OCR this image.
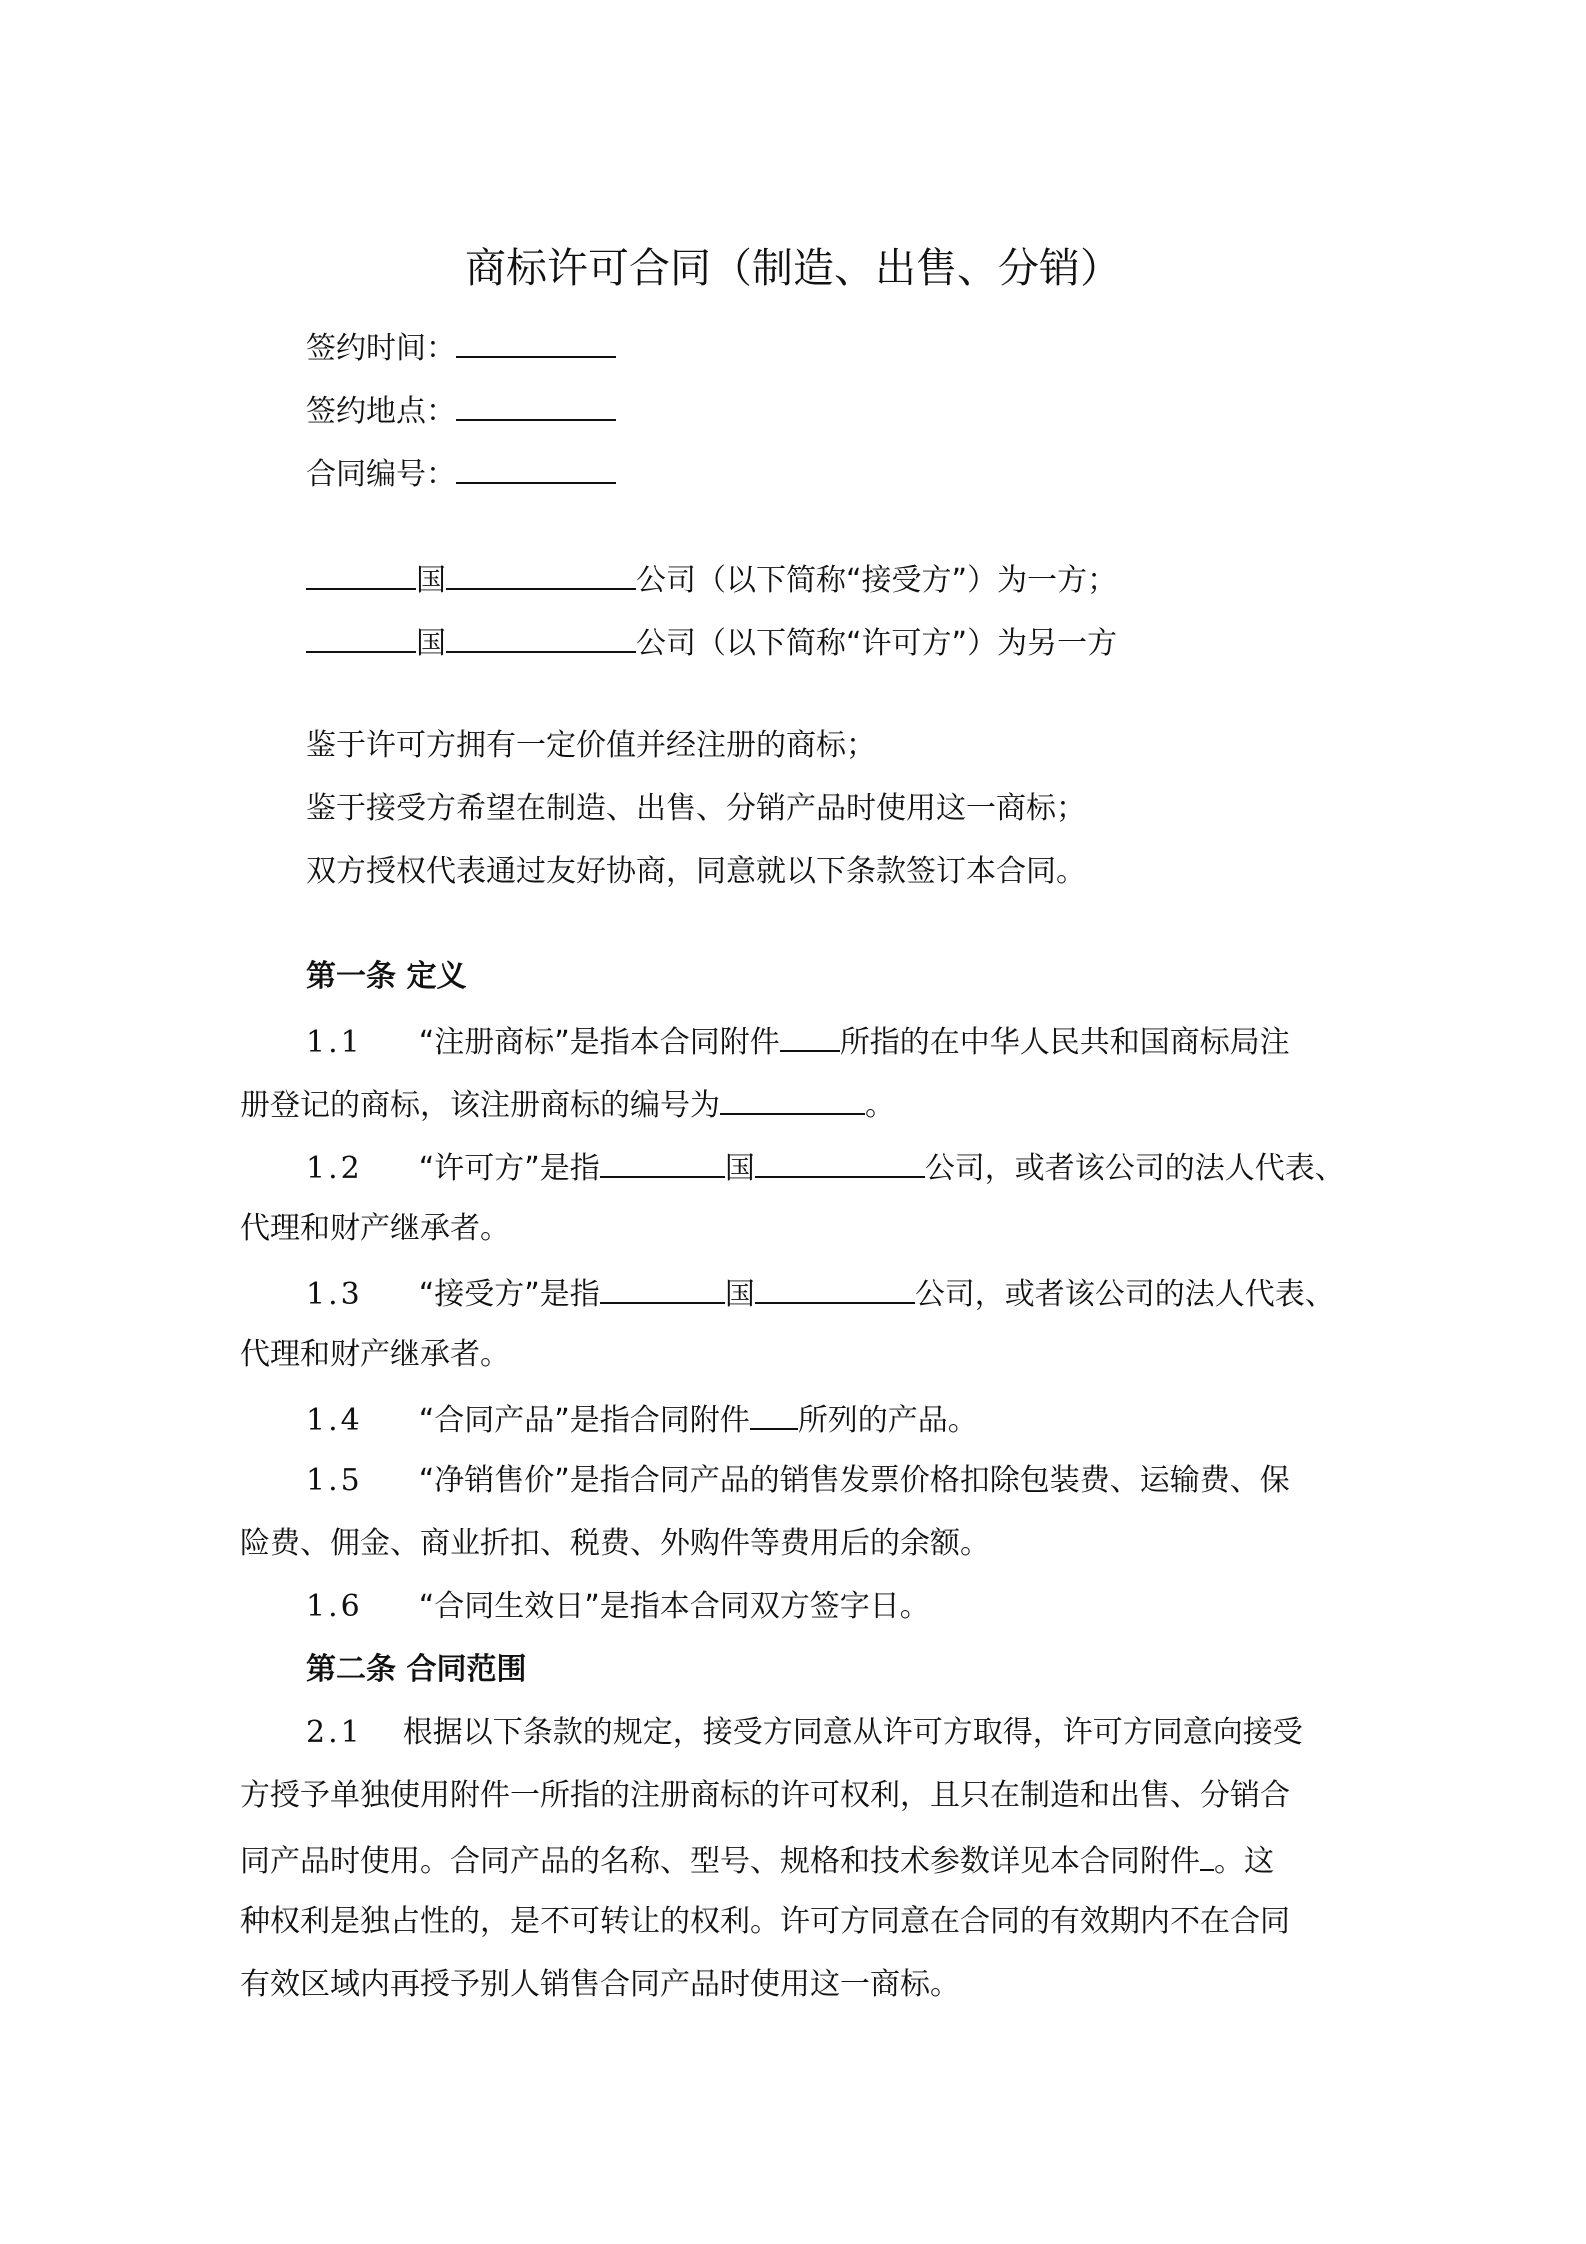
商标许可合同（制造、出售、分销）
签约时间：
签约地点：
合同编号：
国	公司（以下简称“接受方”）为一方；
国	公司（以下简称“许可方”）为另一方
鉴于许可方拥有一定价值并经注册的商标；
鉴于接受方希望在制造、出售、分销产品时使用这一商标；
双方授权代表通过友好协商，同意就以下条款签订本合同。
第一条 定义
1.1 “注册商标”是指本合同附件 所指的在中华人民共和国商标局注
册登记的商标，该注册商标的编号为	。
1.2 “许可方”是指	国	公司，或者该公司的法人代表、
代理和财产继承者。
1.3 “接受方”是指	国	公司，或者该公司的法人代表、
代理和财产继承者。
1.4 “合同产品”是指合同附件 所列的产品。
1.5 “净销售价”是指合同产品的销售发票价格扣除包装费、运输费、保
险费、佣金、商业折扣、税费、外购件等费用后的余额。
1.6 “合同生效日”是指本合同双方签字日。
第二条 合同范围
2.1 根据以下条款的规定，接受方同意从许可方取得，许可方同意向接受
方授予单独使用附件一所指的注册商标的许可权利，且只在制造和出售、分销合
同产品时使用。合同产品的名称、型号、规格和技术参数详见本合同附件 。这
种权利是独占性的，是不可转让的权利。许可方同意在合同的有效期内不在合同
有效区域内再授予别人销售合同产品时使用这一商标。
